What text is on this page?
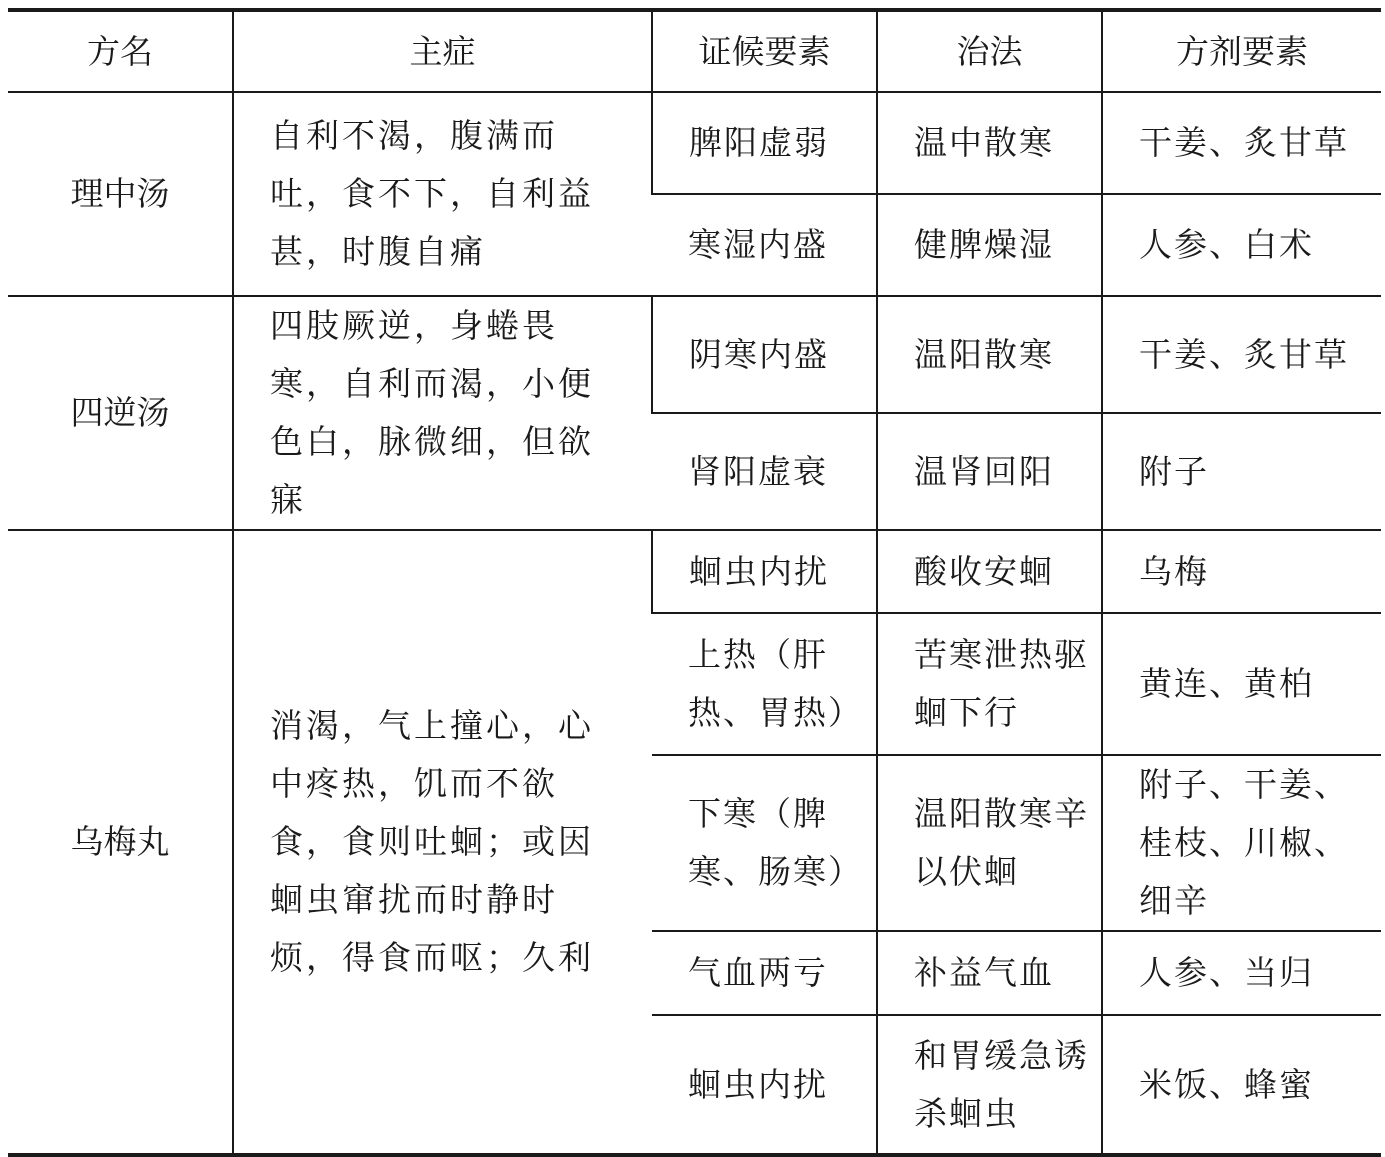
方名	主症	证候要素	治法	方剂要素
理中汤	自利不渴，腹满而吐，食不下，自利益甚，时腹自痛	脾阳虚弱	温中散寒	干姜、炙甘草
		寒湿内盛	健脾燥湿	人参、白术
四逆汤	四肢厥逆，身蜷畏寒，自利而渴，小便色白，脉微细，但欲寐	阴寒内盛	温阳散寒	干姜、炙甘草
		肾阳虚衰	温肾回阳	附子
乌梅丸	消渴，气上撞心，心中疼热，饥而不欲食，食则吐蛔；或因蛔虫窜扰而时静时烦，得食而呕；久利	蛔虫内扰	酸收安蛔	乌梅
		上热（肝热、胃热）	苦寒泄热驱蛔下行	黄连、黄柏
		下寒（脾寒、肠寒）	温阳散寒辛以伏蛔	附子、干姜、桂枝、川椒、细辛
		气血两亏	补益气血	人参、当归
		蛔虫内扰	和胃缓急诱杀蛔虫	米饭、蜂蜜
